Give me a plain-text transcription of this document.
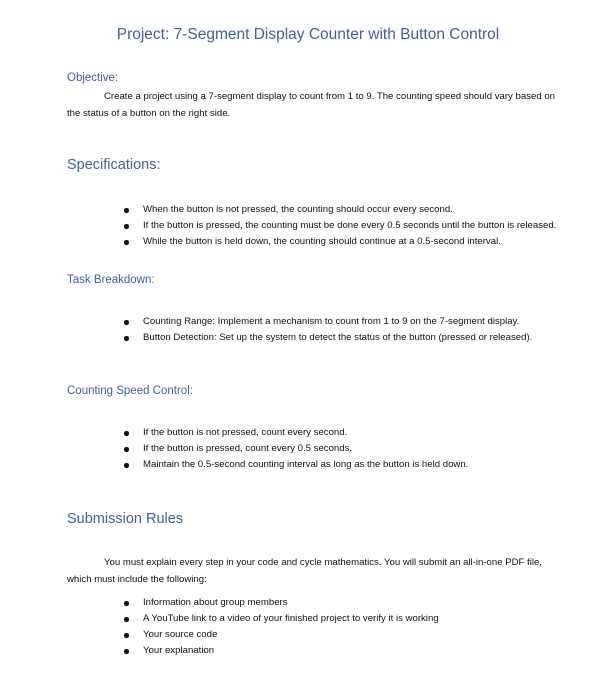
Project: 7-Segment Display Counter with Button Control
Objective:

Create a project using a 7-segment display to count from 1 to 9. The counting speed should vary based on the status of a button on the right side.

Specifications:
When the button is not pressed, the counting should occur every second.
If the button is pressed, the counting must be done every 0.5 seconds until the button is released.
While the button is held down, the counting should continue at a 0.5-second interval.
Task Breakdown:
Counting Range: Implement a mechanism to count from 1 to 9 on the 7-segment display.
Button Detection: Set up the system to detect the status of the button (pressed or released).
Counting Speed Control:
If the button is not pressed, count every second.
If the button is pressed, count every 0.5 seconds.
Maintain the 0.5-second counting interval as long as the button is held down.
Submission Rules

You must explain every step in your code and cycle mathematics. You will submit an all-in-one PDF file, which must include the following:

Information about group members
A YouTube link to a video of your finished project to verify it is working
Your source code
Your explanation
